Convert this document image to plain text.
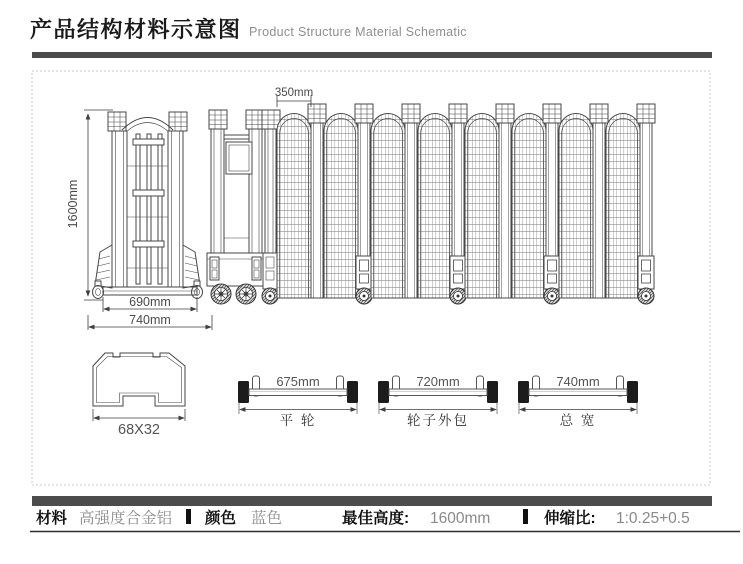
产品结构材料示意图 Product Structure Material Schematic
1600mm
690mm
740mm
350mm
68X32
675mm
平 轮
720mm
轮子外包
740mm
总 宽
材料 高强度合金铝 颜色 蓝色	最佳高度: 1600mm	伸缩比: 1:0.25+0.5
